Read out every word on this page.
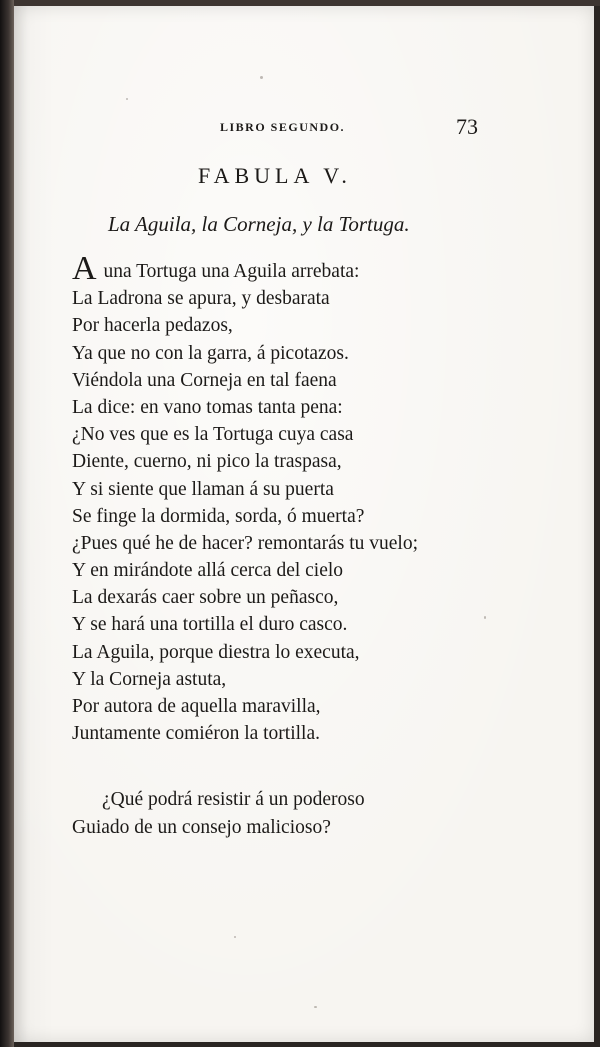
LIBRO SEGUNDO.	73
FABULA V.
La Aguila, la Corneja, y la Tortuga.
A una Tortuga una Aguila arrebata:
La Ladrona se apura, y desbarata
Por hacerla pedazos,
Ya que no con la garra, á picotazos.
Viéndola una Corneja en tal faena
La dice: en vano tomas tanta pena:
¿No ves que es la Tortuga cuya casa
Diente, cuerno, ni pico la traspasa,
Y si siente que llaman á su puerta
Se finge la dormida, sorda, ó muerta?
¿Pues qué he de hacer? remontarás tu vuelo;
Y en mirándote allá cerca del cielo
La dexarás caer sobre un peñasco,
Y se hará una tortilla el duro casco.
La Aguila, porque diestra lo executa,
Y la Corneja astuta,
Por autora de aquella maravilla,
Juntamente comiéron la tortilla.
¿Qué podrá resistir á un poderoso
Guiado de un consejo malicioso?
